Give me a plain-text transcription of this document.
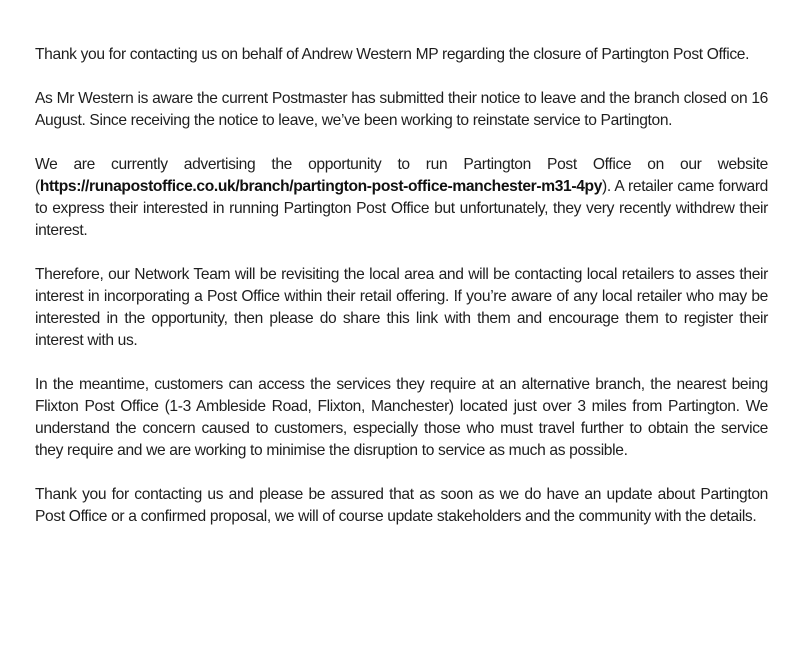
Thank you for contacting us on behalf of Andrew Western MP regarding the closure of Partington Post Office.

As Mr Western is aware the current Postmaster has submitted their notice to leave and the branch closed on 16 August. Since receiving the notice to leave, we’ve been working to reinstate service to Partington.

We are currently advertising the opportunity to run Partington Post Office on our website (https://runapostoffice.co.uk/branch/partington-post-office-manchester-m31-4py). A retailer came forward to express their interested in running Partington Post Office but unfortunately, they very recently withdrew their interest.

Therefore, our Network Team will be revisiting the local area and will be contacting local retailers to asses their interest in incorporating a Post Office within their retail offering. If you’re aware of any local retailer who may be interested in the opportunity, then please do share this link with them and encourage them to register their interest with us.

In the meantime, customers can access the services they require at an alternative branch, the nearest being Flixton Post Office (1-3 Ambleside Road, Flixton, Manchester) located just over 3 miles from Partington. We understand the concern caused to customers, especially those who must travel further to obtain the service they require and we are working to minimise the disruption to service as much as possible.

Thank you for contacting us and please be assured that as soon as we do have an update about Partington Post Office or a confirmed proposal, we will of course update stakeholders and the community with the details.
